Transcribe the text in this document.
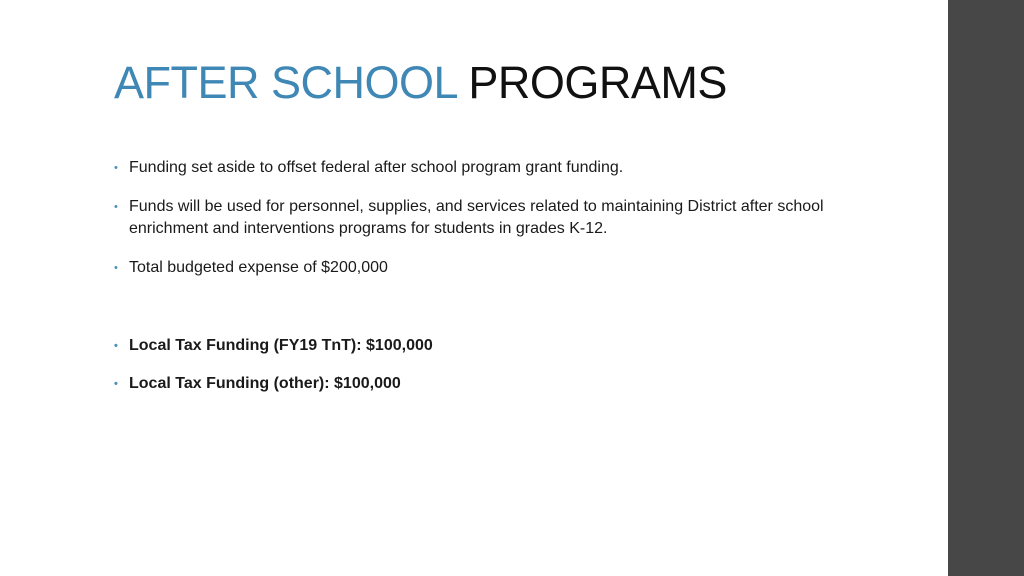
AFTER SCHOOL PROGRAMS
• Funding set aside to offset federal after school program grant funding.
• Funds will be used for personnel, supplies, and services related to maintaining District after school enrichment and interventions programs for students in grades K-12.
• Total budgeted expense of $200,000
• Local Tax Funding (FY19 TnT): $100,000
• Local Tax Funding (other): $100,000
